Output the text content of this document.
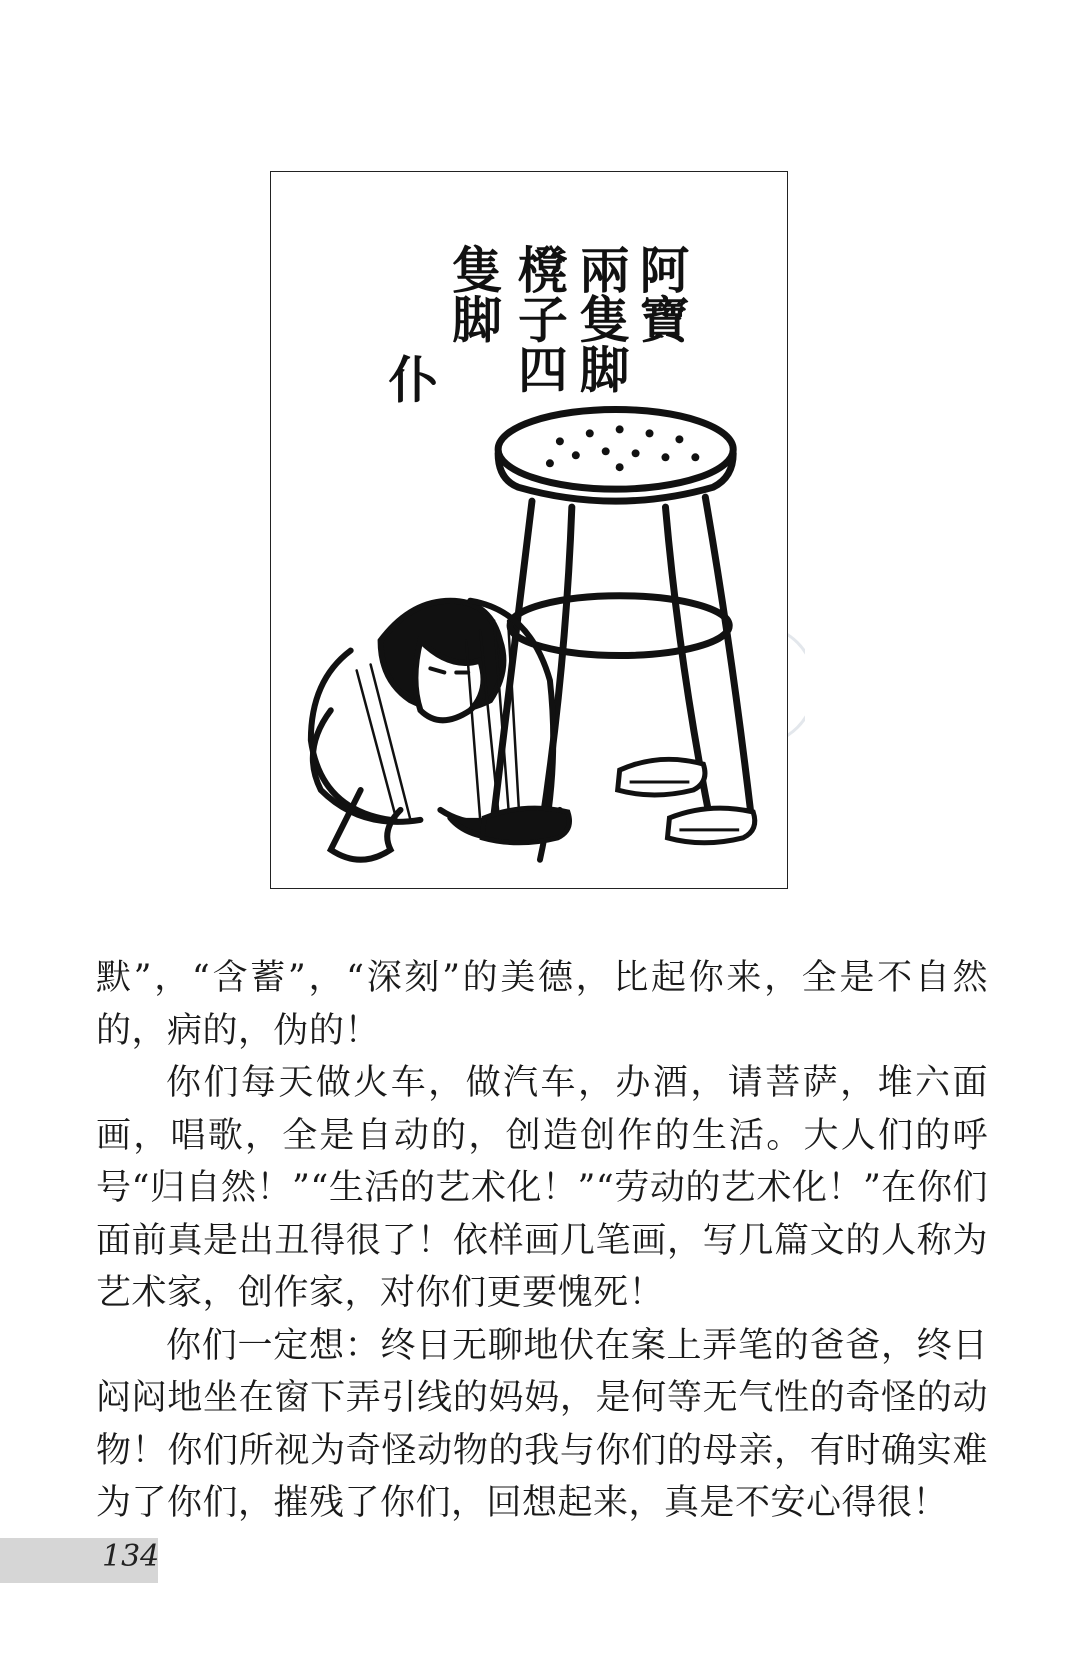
阿寶
兩隻脚
櫈子四
隻脚
仆

默”，“含蓄”，“深刻”的美德，比起你来，全是不自然的，病的，伪的！

你们每天做火车，做汽车，办酒，请菩萨，堆六面画，唱歌，全是自动的，创造创作的生活。大人们的呼号“归自然！”“生活的艺术化！”“劳动的艺术化！”在你们面前真是出丑得很了！依样画几笔画，写几篇文的人称为艺术家，创作家，对你们更要愧死！

你们一定想：终日无聊地伏在案上弄笔的爸爸，终日闷闷地坐在窗下弄引线的妈妈，是何等无气性的奇怪的动物！你们所视为奇怪动物的我与你们的母亲，有时确实难为了你们，摧残了你们，回想起来，真是不安心得很！

134
